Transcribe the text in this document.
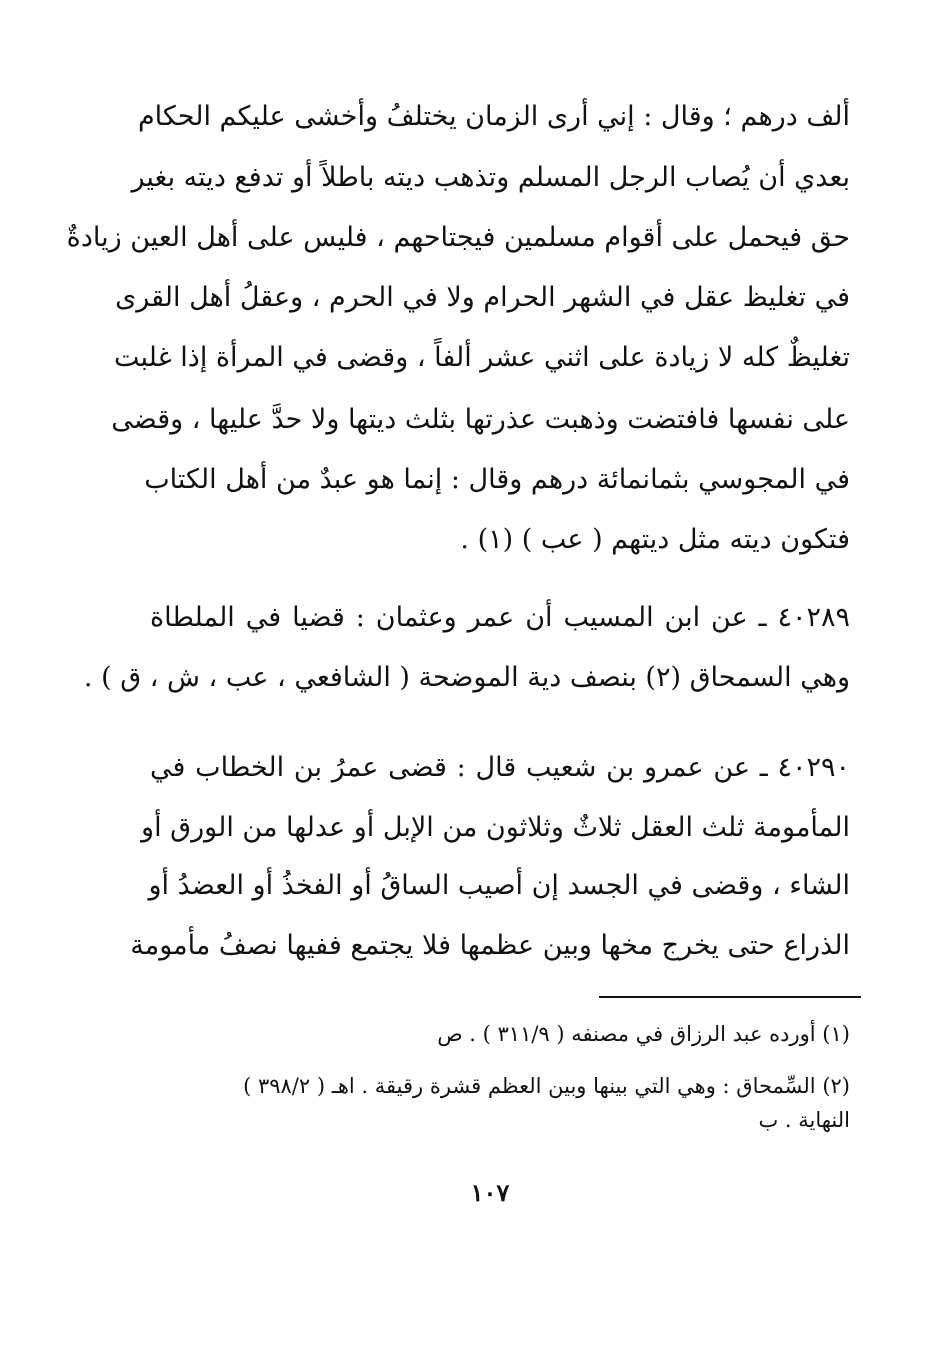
ألف درهم ؛ وقال : إني أرى الزمان يختلفُ وأخشى عليكم الحكام
بعدي أن يُصاب الرجل المسلم وتذهب ديته باطلاً أو تدفع ديته بغير
حق فيحمل على أقوام مسلمين فيجتاحهم ، فليس على أهل العين زيادةٌ
في تغليظ عقل في الشهر الحرام ولا في الحرم ، وعقلُ أهل القرى
تغليظٌ كله لا زيادة على اثني عشر ألفاً ، وقضى في المرأة إذا غلبت
على نفسها فافتضت وذهبت عذرتها بثلث ديتها ولا حدَّ عليها ، وقضى
في المجوسي بثمانمائة درهم وقال : إنما هو عبدٌ من أهل الكتاب
فتكون ديته مثل ديتهم ( عب ) (١) .
٤٠٢٨٩ ـ عن ابن المسيب أن عمر وعثمان : قضيا في الملطاة
وهي السمحاق (٢) بنصف دية الموضحة ( الشافعي ، عب ، ش ، ق ) .
٤٠٢٩٠ ـ عن عمرو بن شعيب قال : قضى عمرُ بن الخطاب في
المأمومة ثلث العقل ثلاثٌ وثلاثون من الإبل أو عدلها من الورق أو
الشاء ، وقضى في الجسد إن أصيب الساقُ أو الفخذُ أو العضدُ أو
الذراع حتى يخرج مخها وبين عظمها فلا يجتمع ففيها نصفُ مأمومة
(١) أورده عبد الرزاق في مصنفه ( ٣١١/٩ ) . ص
(٢) السِّمحاق : وهي التي بينها وبين العظم قشرة رقيقة . اهـ ( ٣٩٨/٢ )
النهاية . ب
١٠٧
